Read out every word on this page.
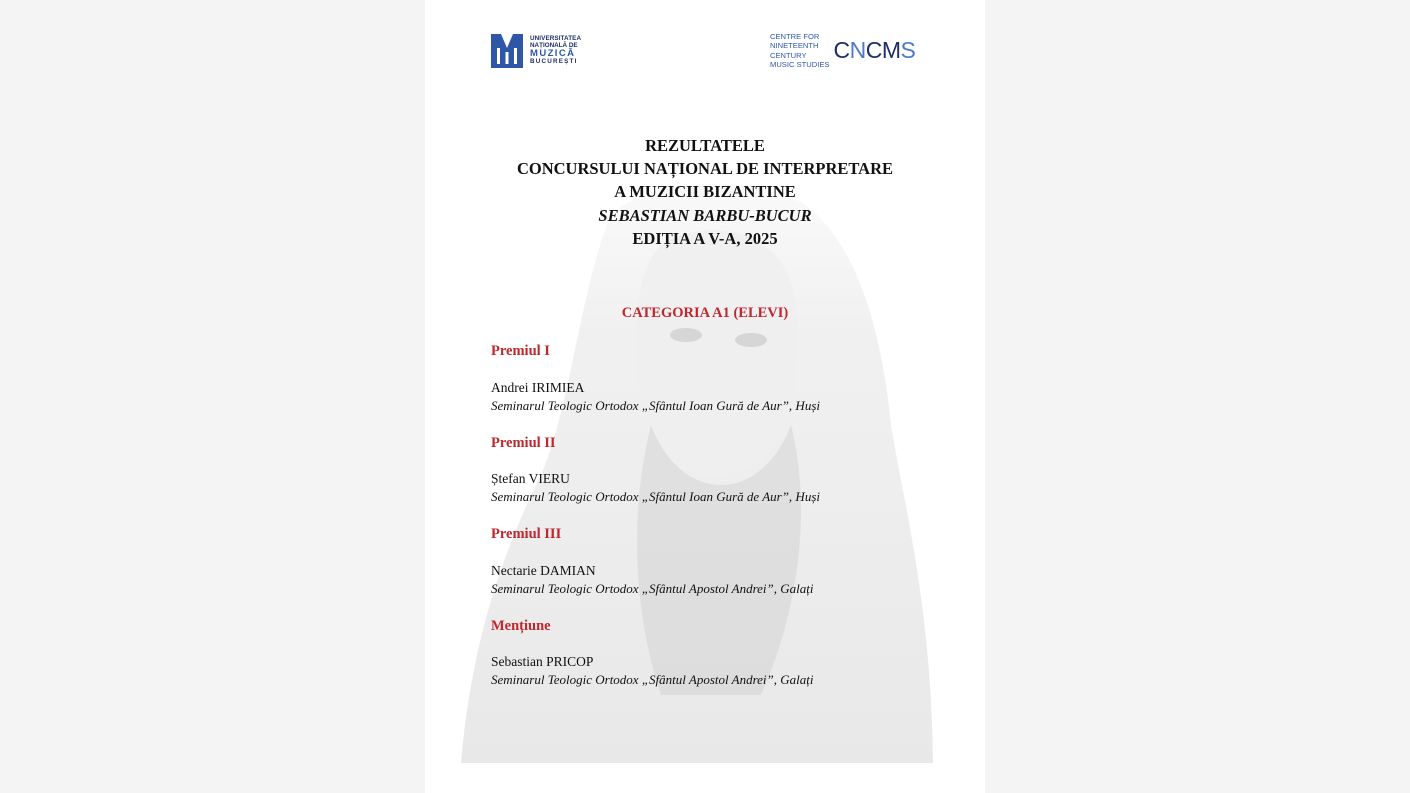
UNIVERSITATEA
NAȚIONALĂ DE
MUZICĂ
BUCUREȘTI
CENTRE FOR
NINETEENTH
CENTURY
MUSIC STUDIES
CNCMS
REZULTATELE
CONCURSULUI NAȚIONAL DE INTERPRETARE
A MUZICII BIZANTINE
SEBASTIAN BARBU-BUCUR
EDIȚIA A V-A, 2025
CATEGORIA A1 (ELEVI)
Premiul I
Andrei IRIMIEA
Seminarul Teologic Ortodox „Sfântul Ioan Gură de Aur”, Huși
Premiul II
Ștefan VIERU
Seminarul Teologic Ortodox „Sfântul Ioan Gură de Aur”, Huși
Premiul III
Nectarie DAMIAN
Seminarul Teologic Ortodox „Sfântul Apostol Andrei”, Galați
Mențiune
Sebastian PRICOP
Seminarul Teologic Ortodox „Sfântul Apostol Andrei”, Galați
